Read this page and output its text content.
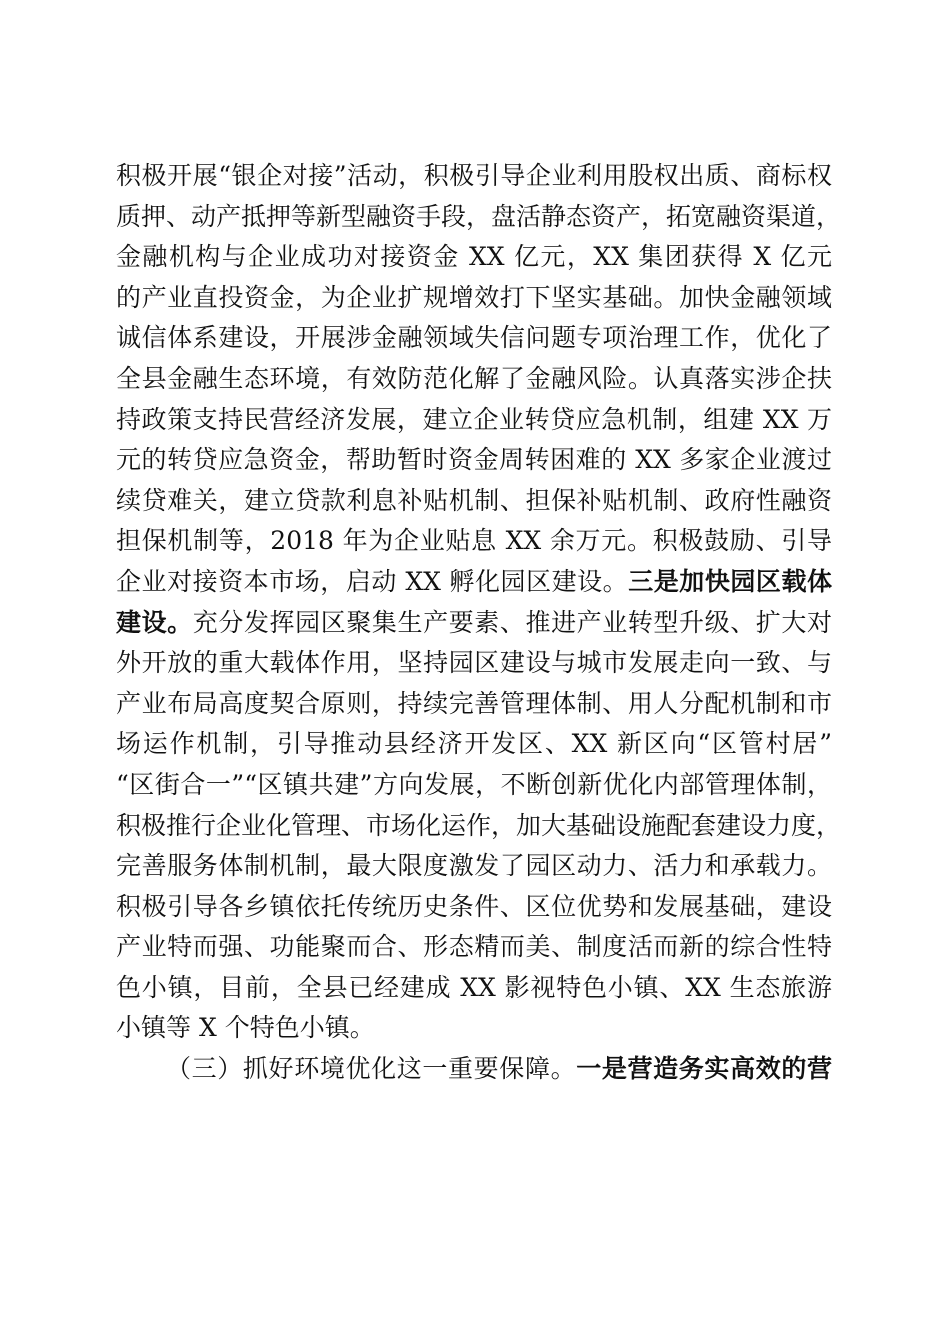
积极开展“银企对接”活动，积极引导企业利用股权出质、商标权
质押、动产抵押等新型融资手段，盘活静态资产，拓宽融资渠道，
金融机构与企业成功对接资金 XX 亿元，XX 集团获得 X 亿元
的产业直投资金，为企业扩规增效打下坚实基础。加快金融领域
诚信体系建设，开展涉金融领域失信问题专项治理工作，优化了
全县金融生态环境，有效防范化解了金融风险。认真落实涉企扶
持政策支持民营经济发展，建立企业转贷应急机制，组建 XX 万
元的转贷应急资金，帮助暂时资金周转困难的 XX 多家企业渡过
续贷难关，建立贷款利息补贴机制、担保补贴机制、政府性融资
担保机制等，2018 年为企业贴息 XX 余万元。积极鼓励、引导
企业对接资本市场，启动 XX 孵化园区建设。三是加快园区载体
建设。充分发挥园区聚集生产要素、推进产业转型升级、扩大对
外开放的重大载体作用，坚持园区建设与城市发展走向一致、与
产业布局高度契合原则，持续完善管理体制、用人分配机制和市
场运作机制，引导推动县经济开发区、XX 新区向“区管村居”
“区街合一”“区镇共建”方向发展，不断创新优化内部管理体制，
积极推行企业化管理、市场化运作，加大基础设施配套建设力度，
完善服务体制机制，最大限度激发了园区动力、活力和承载力。
积极引导各乡镇依托传统历史条件、区位优势和发展基础，建设
产业特而强、功能聚而合、形态精而美、制度活而新的综合性特
色小镇，目前，全县已经建成 XX 影视特色小镇、XX 生态旅游
小镇等 X 个特色小镇。
（三）抓好环境优化这一重要保障。一是营造务实高效的营
